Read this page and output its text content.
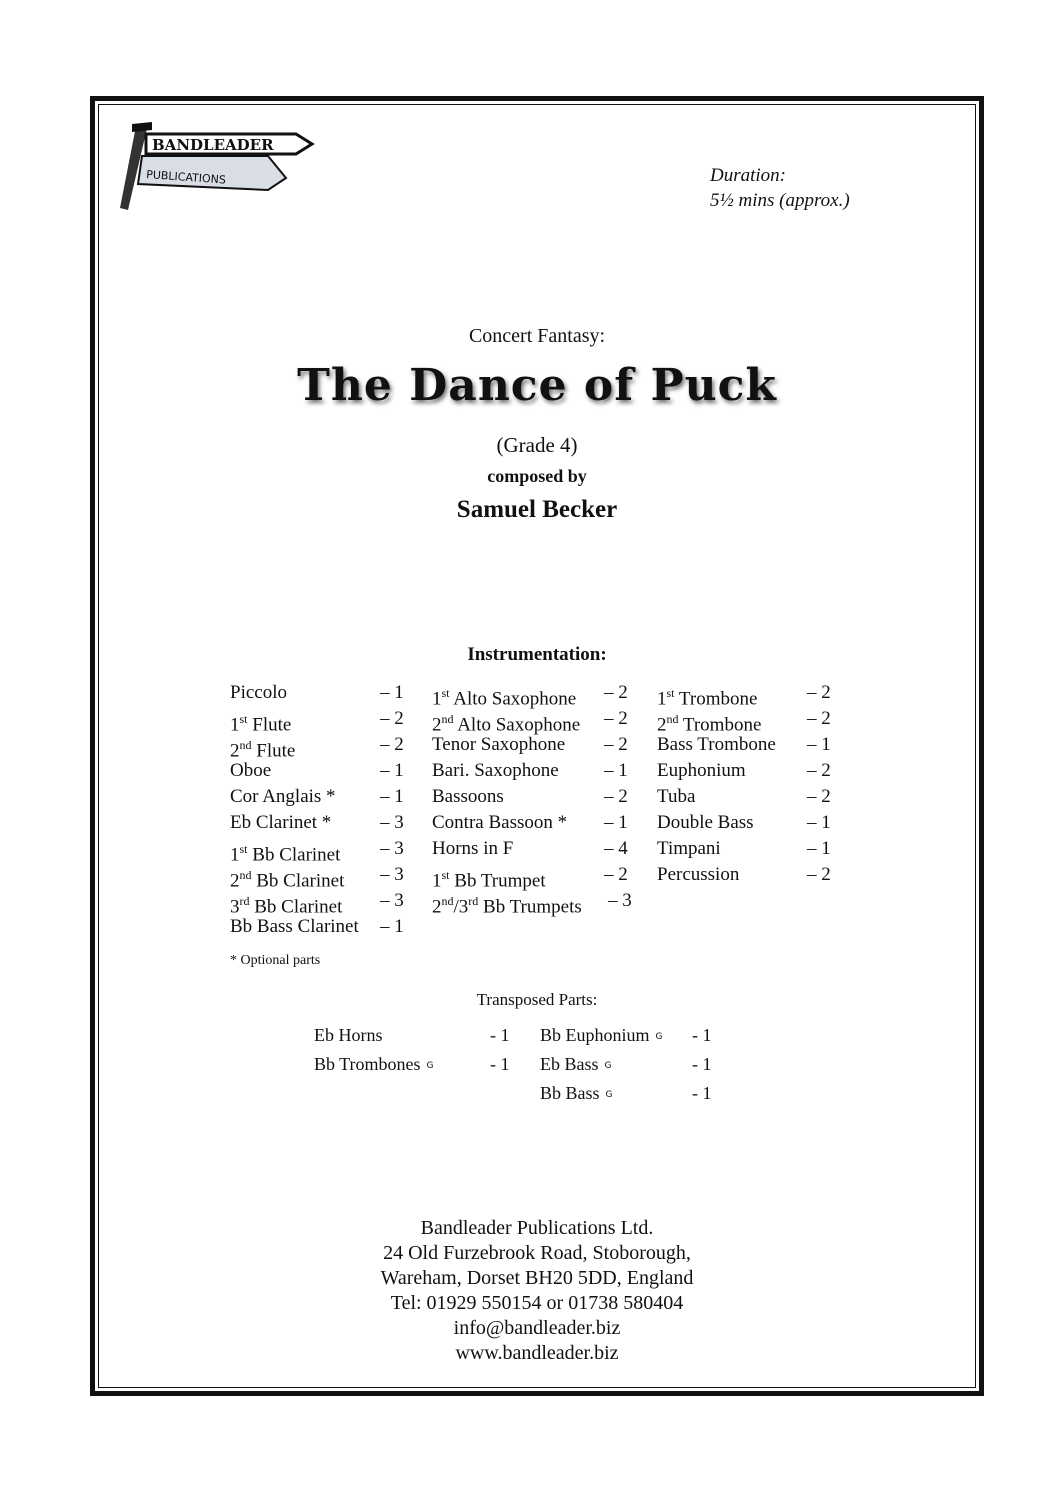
BANDLEADER
PUBLICATIONS	Duration:
5½ mins (approx.)
Concert Fantasy:
The Dance of Puck
(Grade 4)
composed by
Samuel Becker
Instrumentation:
Piccolo	– 1
1st Flute	– 2
2nd Flute	– 2
Oboe	– 1
Cor Anglais * – 1
Eb Clarinet *	– 3
1st Bb Clarinet – 3
2nd Bb Clarinet – 3
3rd Bb Clarinet – 3
Bb Bass Clarinet – 1
1st Alto Saxophone – 2
2nd Alto Saxophone – 2
Tenor Saxophone – 2
Bari. Saxophone – 1
Bassoons	– 2
Contra Bassoon * – 1
Horns in F	– 4
1st Bb Trumpet	– 2
2nd/3rd Bb Trumpets – 3
1st Trombone	– 2
2nd Trombone – 2
Bass Trombone – 1
Euphonium	– 2
Tuba	– 2
Double Bass	– 1
Timpani	– 1
Percussion	– 2
* Optional parts
Transposed Parts:
Eb Horns	- 1
Bb Trombones G	- 1
Bb Euphonium G - 1
Eb Bass G	- 1
Bb Bass G	- 1
Bandleader Publications Ltd.
24 Old Furzebrook Road, Stoborough,
Wareham, Dorset BH20 5DD, England
Tel: 01929 550154 or 01738 580404
info@bandleader.biz
www.bandleader.biz
